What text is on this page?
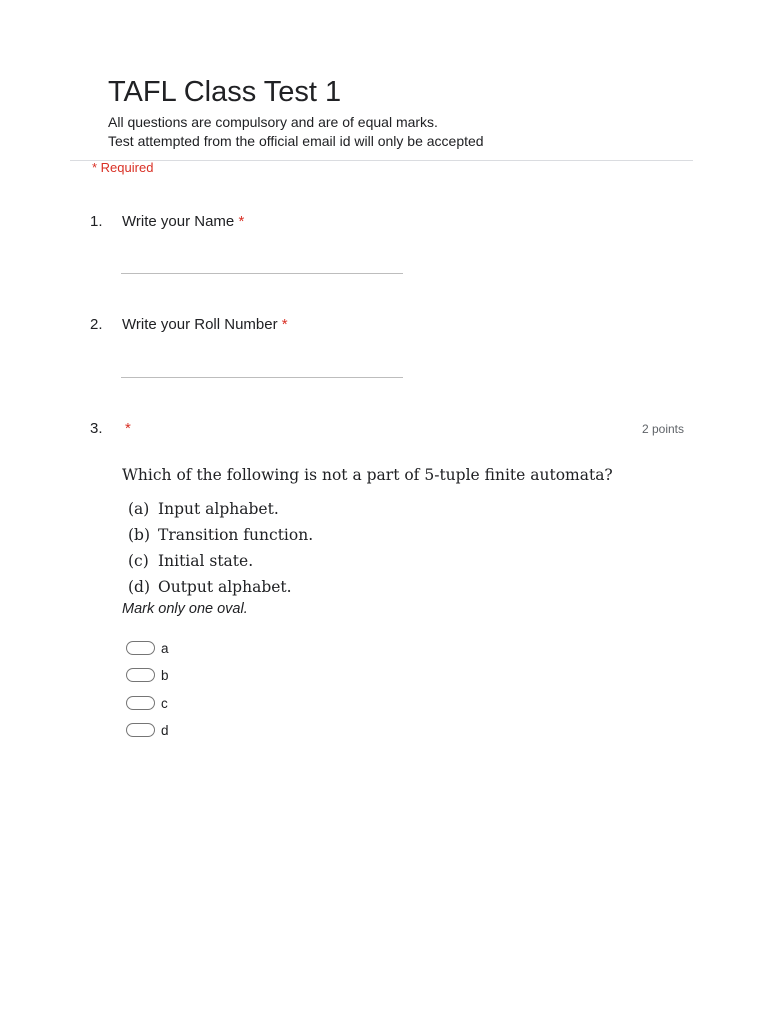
TAFL Class Test 1
All questions are compulsory and are of equal marks.
Test attempted from the official email id will only be accepted
* Required
1. Write your Name *
2. Write your Roll Number *
3. *	2 points
Which of the following is not a part of 5-tuple finite automata?
(a) Input alphabet.
(b) Transition function.
(c) Initial state.
(d) Output alphabet.
Mark only one oval.
a
b
c
d
